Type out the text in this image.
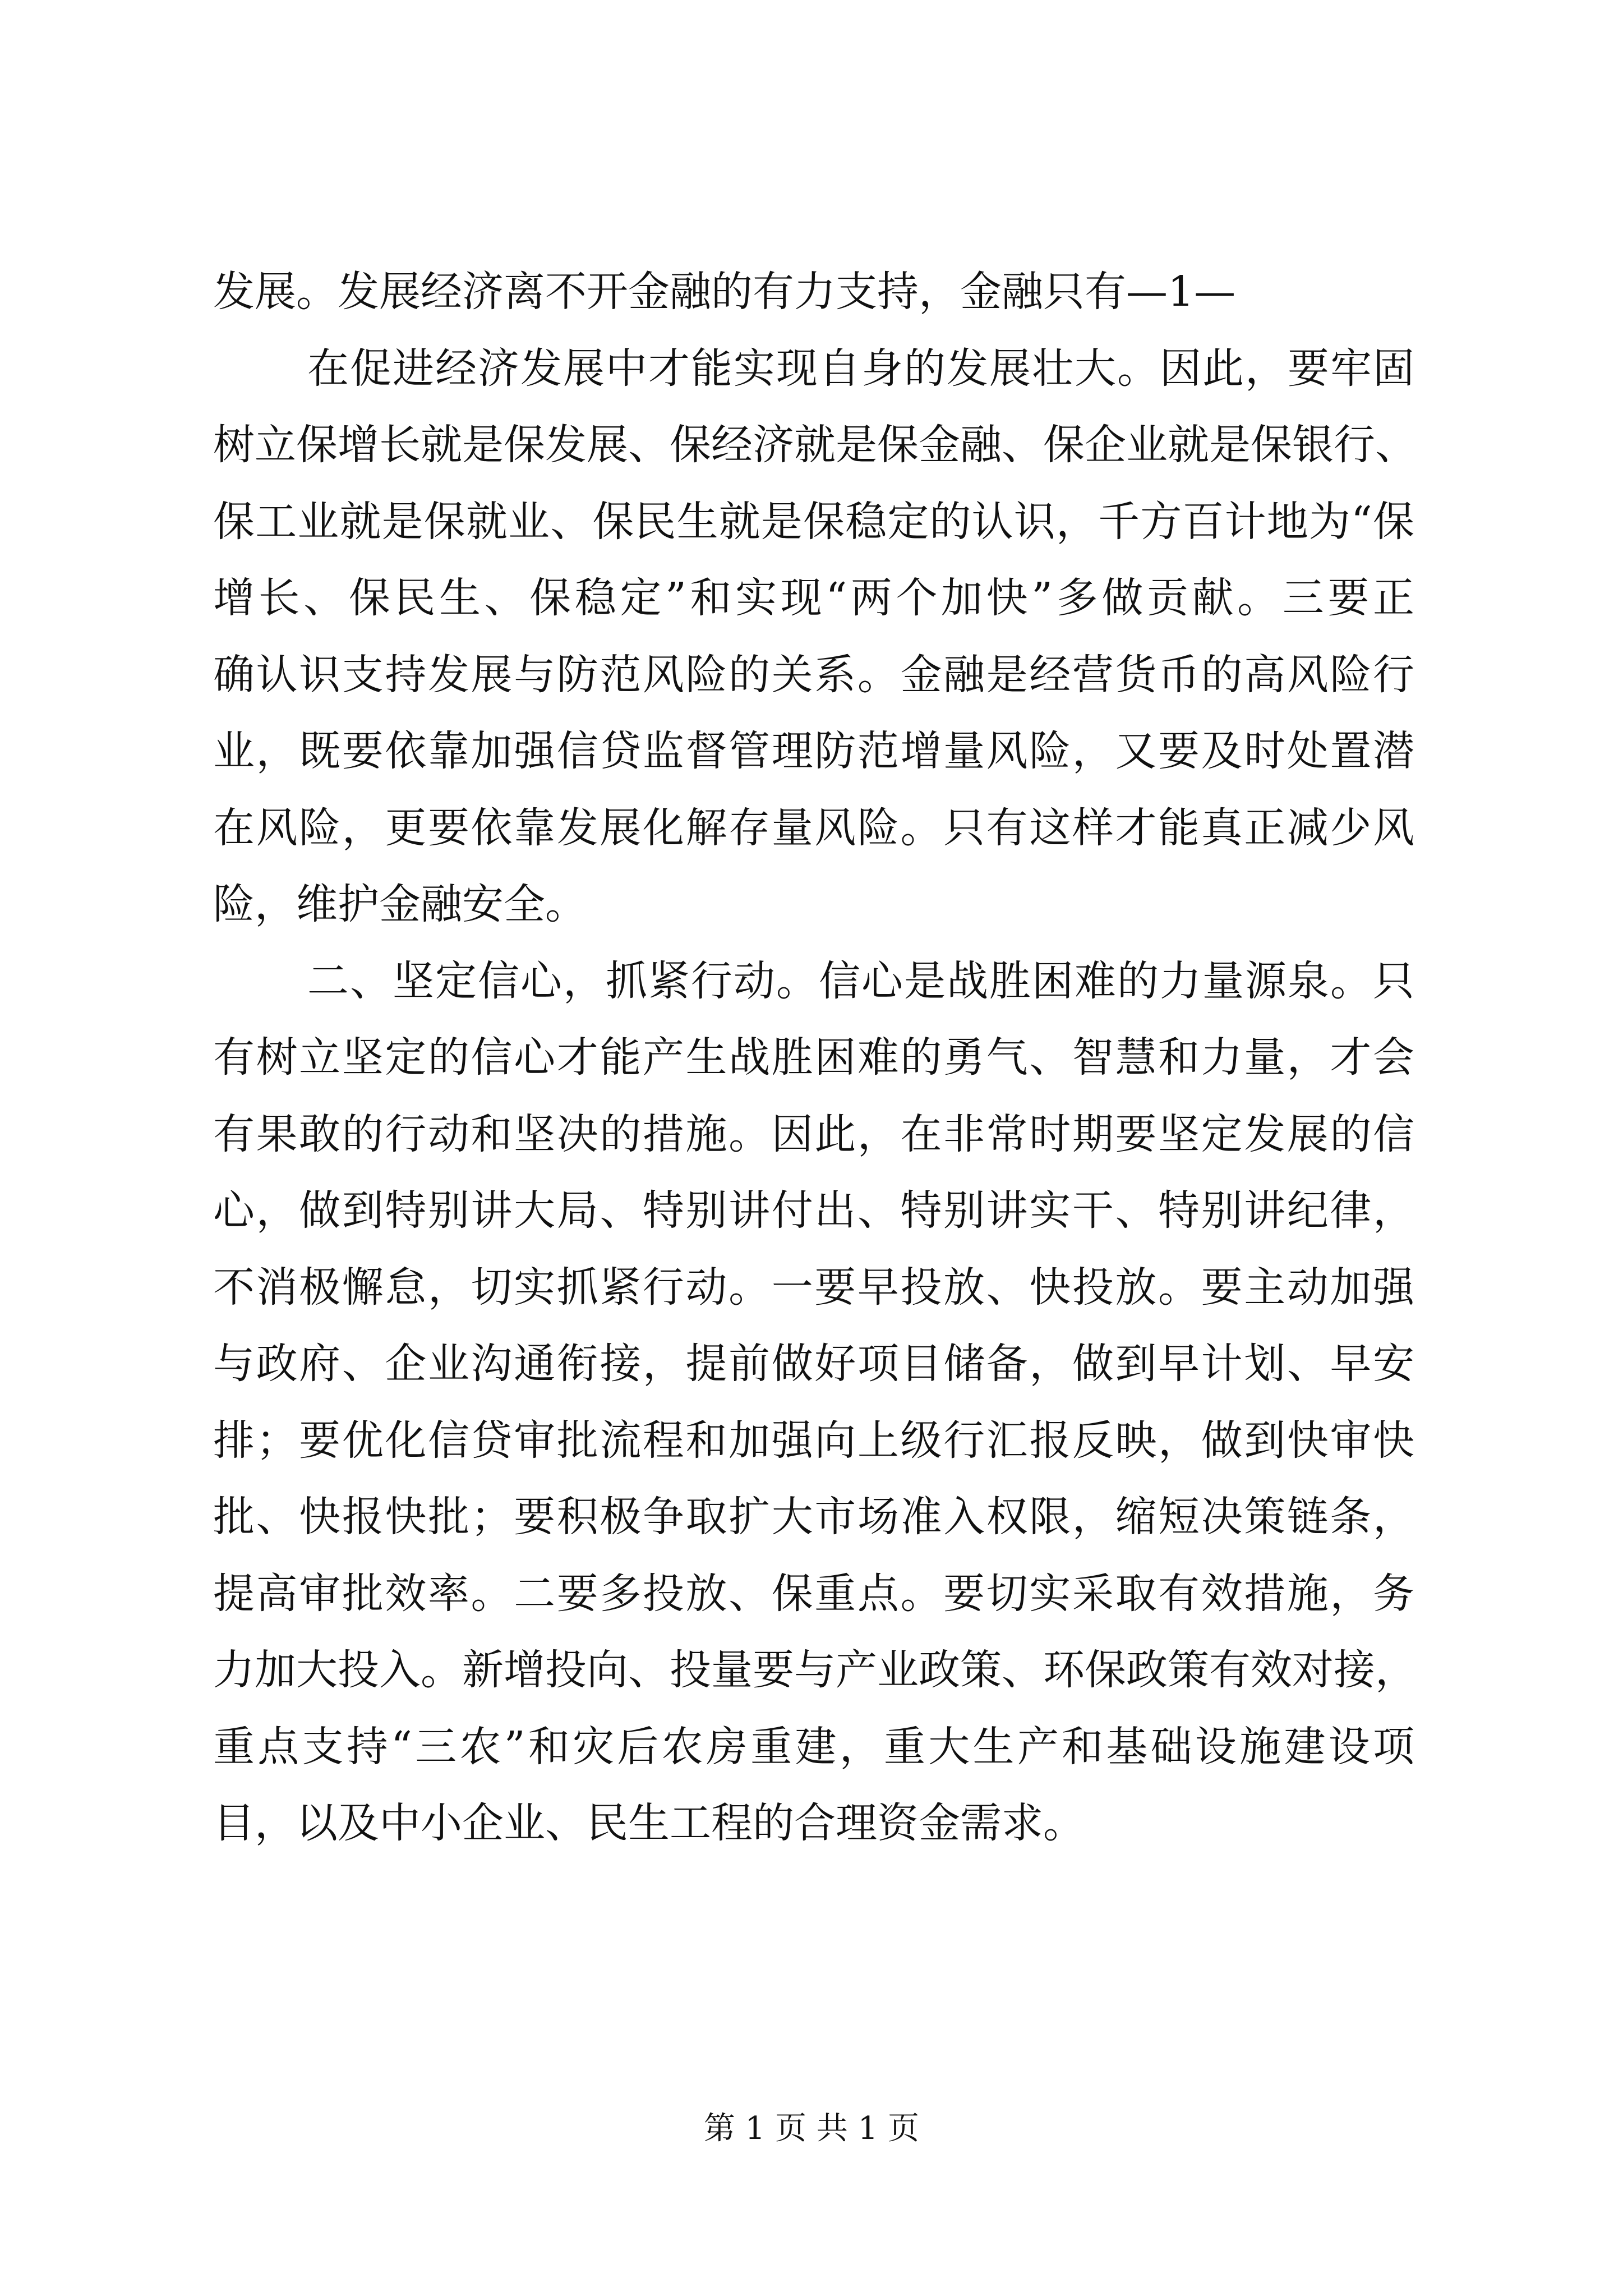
发展。发展经济离不开金融的有力支持，金融只有—1—
在促进经济发展中才能实现自身的发展壮大。因此，要牢固
树立保增长就是保发展、保经济就是保金融、保企业就是保银行、
保工业就是保就业、保民生就是保稳定的认识，千方百计地为“保
增长、保民生、保稳定”和实现“两个加快”多做贡献。三要正
确认识支持发展与防范风险的关系。金融是经营货币的高风险行
业，既要依靠加强信贷监督管理防范增量风险，又要及时处置潜
在风险，更要依靠发展化解存量风险。只有这样才能真正减少风
险，维护金融安全。
二、坚定信心，抓紧行动。信心是战胜困难的力量源泉。只
有树立坚定的信心才能产生战胜困难的勇气、智慧和力量，才会
有果敢的行动和坚决的措施。因此，在非常时期要坚定发展的信
心，做到特别讲大局、特别讲付出、特别讲实干、特别讲纪律，
不消极懈怠，切实抓紧行动。一要早投放、快投放。要主动加强
与政府、企业沟通衔接，提前做好项目储备，做到早计划、早安
排；要优化信贷审批流程和加强向上级行汇报反映，做到快审快
批、快报快批；要积极争取扩大市场准入权限，缩短决策链条，
提高审批效率。二要多投放、保重点。要切实采取有效措施，务
力加大投入。新增投向、投量要与产业政策、环保政策有效对接，
重点支持“三农”和灾后农房重建，重大生产和基础设施建设项
目，以及中小企业、民生工程的合理资金需求。

第 1 页 共 1 页
